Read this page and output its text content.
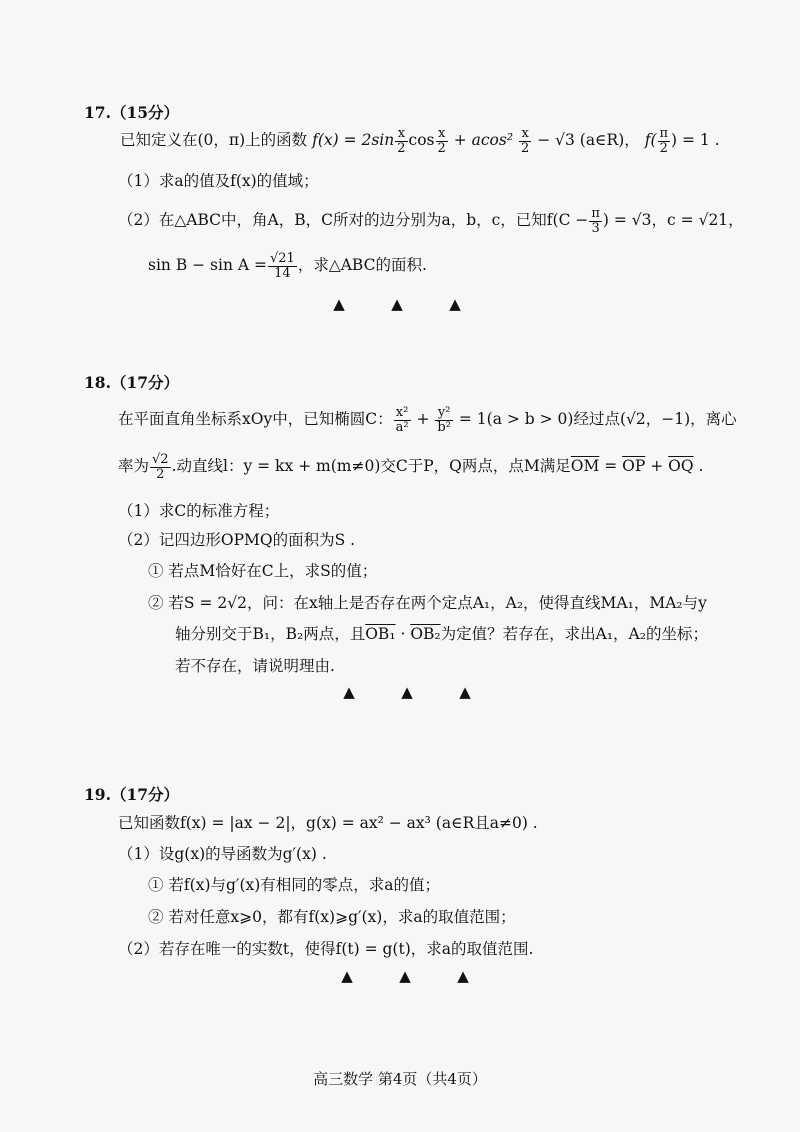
17.（15分）
已知定义在(0，π)上的函数 $f(x) = 2\sin \frac{x}{2}$ $\cos \frac{x}{2} + acos^2 \frac{x}{2} - √3$ (a∈R)， $f( \frac{\pi}{2}$ ) = 1 .
（1）求a的值及f(x)的值域；
（2）在△ABC中，角A，B，C所对的边分别为a，b，c，已知$f(C - \frac{\pi}{3}$ ) = √3，c = √21，
$\sin B - \sin A = \frac{√21}{14}$ ，求△ABC的面积.
▲	▲	▲
18.（17分）
在平面直角坐标系xOy中，已知椭圆C： $\frac{\text{x²}}{\text{a²}} + \frac{\text{y²}}{\text{b²}} = 1(a > b > 0)$经过点(√2，−1)，离心
率为 $\frac{√2}{2}$ .动直线l：y = kx + m(m≠0)交C于P，Q两点，点M满足$\overline{OM} = \overline{OP} + \overline{OQ}$ .
（1）求C的标准方程；
（2）记四边形OPMQ的面积为S .
① 若点M恰好在C上，求S的值；
② 若S = 2√2，问：在x轴上是否存在两个定点A₁，A₂，使得直线MA₁，MA₂与y
轴分别交于B₁，B₂两点，且OB₁ · OB₂为定值？若存在，求出A₁，A₂的坐标；
若不存在，请说明理由.
▲	▲	▲
19.（17分）
已知函数f(x) = |ax − 2|，g(x) = ax² − ax³ (a∈R且a≠0) .
（1）设g(x)的导函数为g′(x) .
① 若f(x)与g′(x)有相同的零点，求a的值；
② 若对任意x⩾0，都有f(x)⩾g′(x)，求a的取值范围；
（2）若存在唯一的实数t，使得f(t) = g(t)，求a的取值范围.
▲	▲	▲
高三数学 第4页（共4页）
